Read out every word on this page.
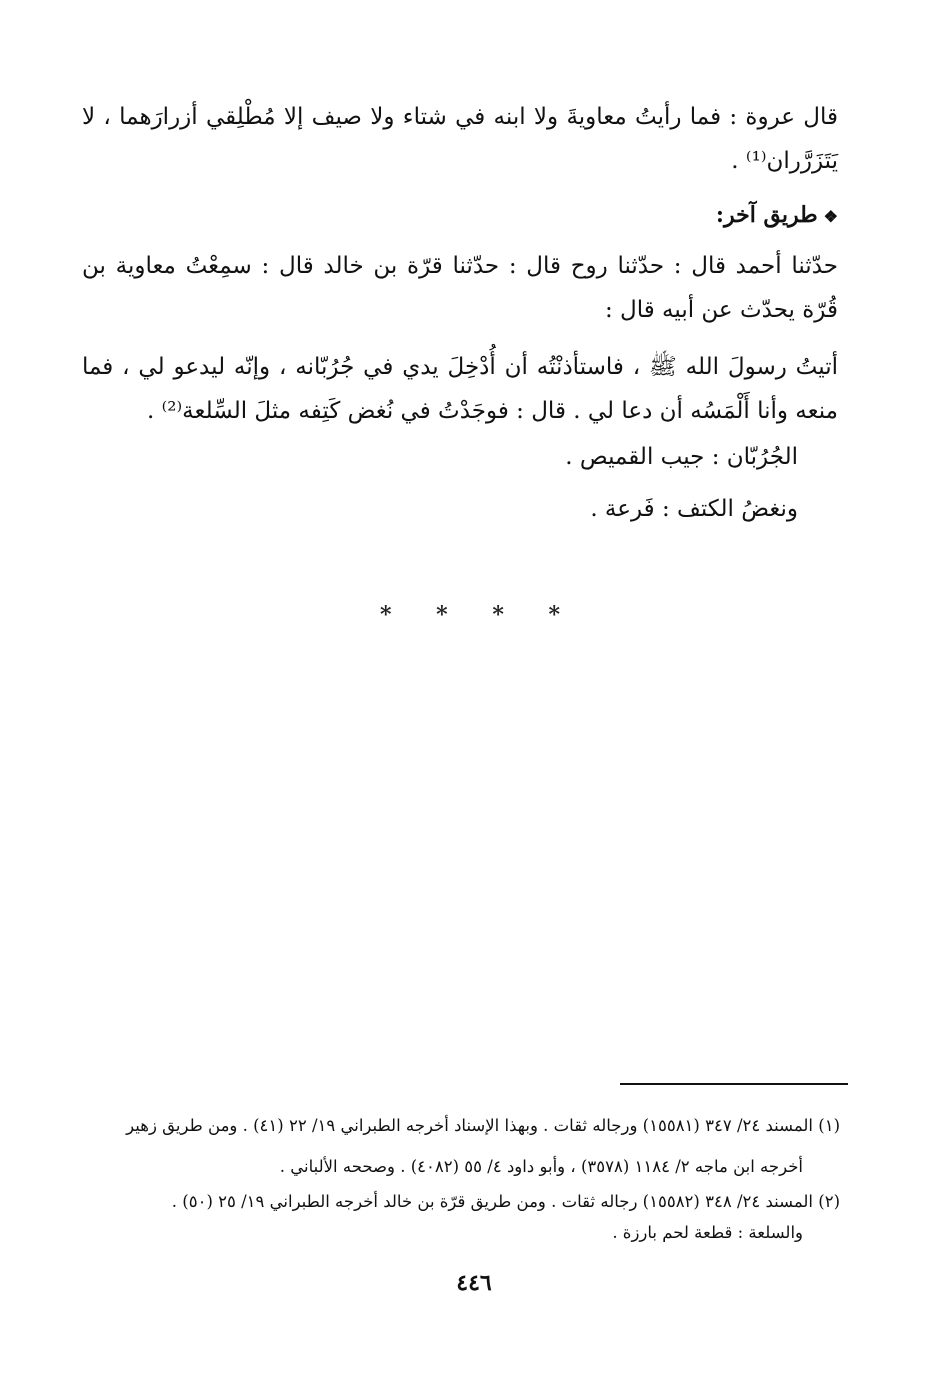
قال عروة : فما رأيتُ معاويةَ ولا ابنه في شتاء ولا صيف إلا مُطْلِقي أزرارَهما ، لا يَتَزَرَّران⁽¹⁾ .
❖طريق آخر:
حدّثنا أحمد قال : حدّثنا روح قال : حدّثنا قرّة بن خالد قال : سمِعْتُ معاوية بن قُرّة يحدّث عن أبيه قال :
أتيتُ رسولَ الله ﷺ ، فاستأذنْتُه أن أُدْخِلَ يدي في جُرُبّانه ، وإنّه ليدعو لي ، فما منعه وأنا أَلْمَسُه أن دعا لي . قال : فوجَدْتُ في نُغض كَتِفه مثلَ السِّلعة⁽²⁾ .
الجُرُبّان : جيب القميص .
ونغضُ الكتف : فَرعة .
* * * *
(١) المسند ٢٤/ ٣٤٧ (١٥٥٨١) ورجاله ثقات . وبهذا الإسناد أخرجه الطبراني ١٩/ ٢٢ (٤١) . ومن طريق زهير
أخرجه ابن ماجه ٢/ ١١٨٤ (٣٥٧٨) ، وأبو داود ٤/ ٥٥ (٤٠٨٢) . وصححه الألباني .
(٢) المسند ٢٤/ ٣٤٨ (١٥٥٨٢) رجاله ثقات . ومن طريق قرّة بن خالد أخرجه الطبراني ١٩/ ٢٥ (٥٠) .
والسلعة : قطعة لحم بارزة .
٤٤٦
